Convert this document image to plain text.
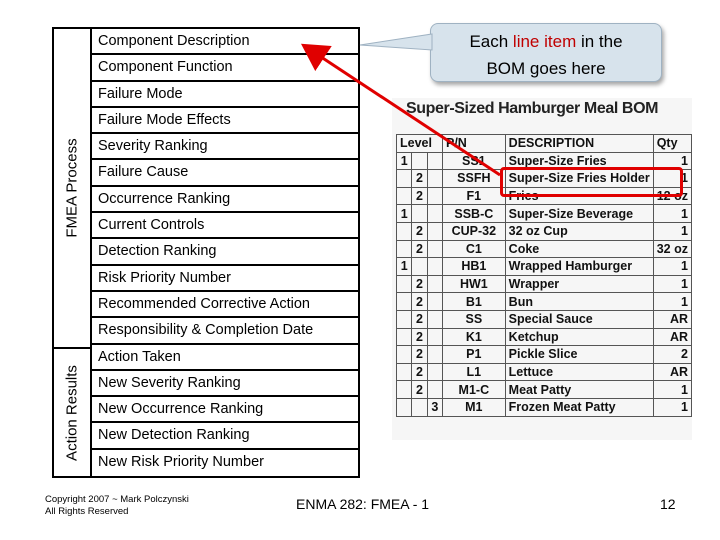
FMEA Process
Action Results
Component Description
Component Function
Failure Mode
Failure Mode Effects
Severity Ranking
Failure Cause
Occurrence Ranking
Current Controls
Detection Ranking
Risk Priority Number
Recommended Corrective Action
Responsibility & Completion Date
Action Taken
New Severity Ranking
New Occurrence Ranking
New Detection Ranking
New Risk Priority Number
Each line item in the
BOM goes here
Super-Sized Hamburger Meal BOM
Level			P/N	DESCRIPTION	Qty
1			SS1	Super-Size Fries	1
	2		SSFH	Super-Size Fries Holder	1
	2		F1	Fries	12 oz
1			SSB-C	Super-Size Beverage	1
	2		CUP-32	32 oz Cup	1
	2		C1	Coke	32 oz
1			HB1	Wrapped Hamburger	1
	2		HW1	Wrapper	1
	2		B1	Bun	1
	2		SS	Special Sauce	AR
	2		K1	Ketchup	AR
	2		P1	Pickle Slice	2
	2		L1	Lettuce	AR
	2		M1-C	Meat Patty	1
		3	M1	Frozen Meat Patty	1
Copyright 2007 ~ Mark Polczynski
All Rights Reserved	ENMA 282: FMEA - 1	12
